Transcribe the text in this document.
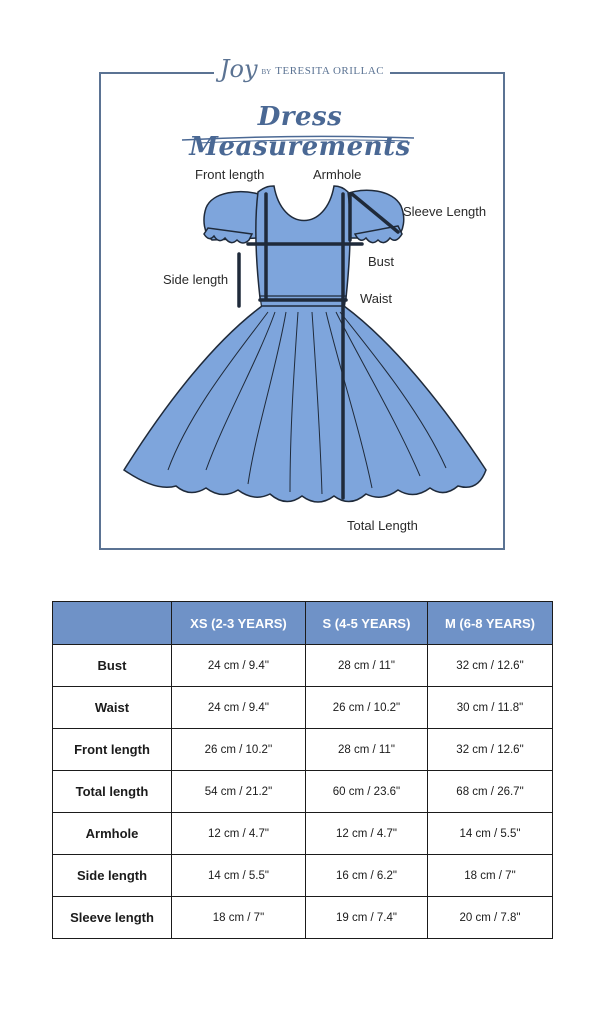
Joy BY TERESITA ORILLAC
Dress Measurements
Front length	Armhole
Sleeve Length
Bust
Side length
Waist
Total Length
	XS (2-3 YEARS)	S (4-5 YEARS)	M (6-8 YEARS)
Bust	24 cm / 9.4''	28 cm / 11"	32 cm / 12.6"
Waist	24 cm / 9.4''	26 cm / 10.2"	30 cm / 11.8"
Front length	26 cm / 10.2''	28 cm / 11"	32 cm / 12.6"
Total length	54 cm / 21.2"	60 cm / 23.6"	68 cm / 26.7"
Armhole	12 cm / 4.7"	12 cm / 4.7"	14 cm / 5.5"
Side length	14 cm / 5.5"	16 cm / 6.2"	18 cm / 7"
Sleeve length	18 cm / 7"	19 cm / 7.4"	20 cm / 7.8"
